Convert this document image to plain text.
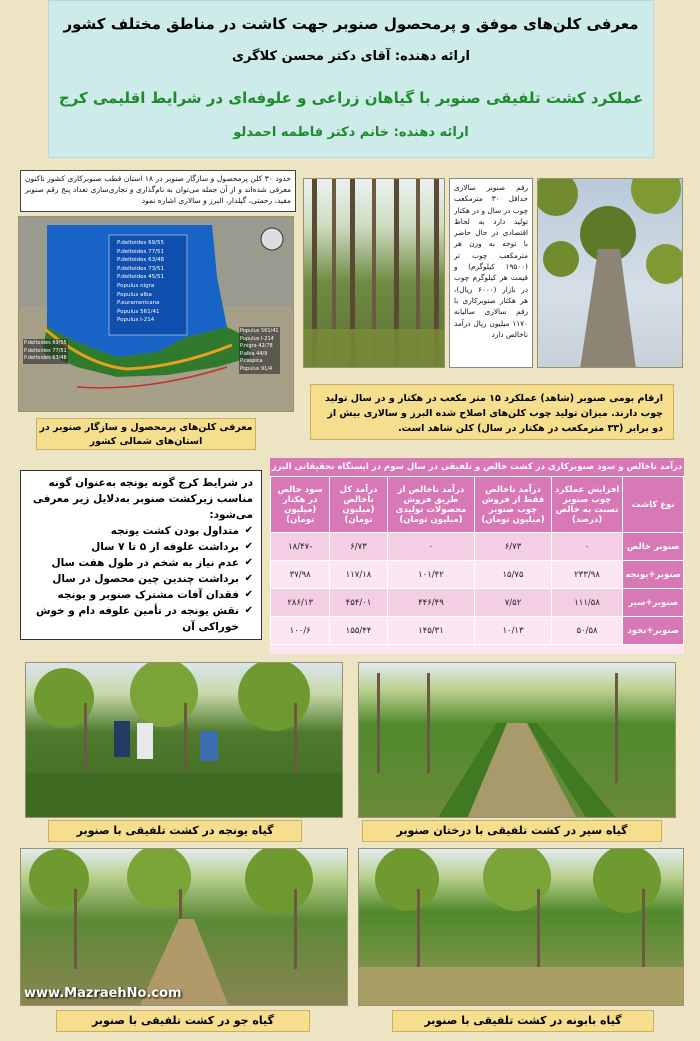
معرفی کلن‌های موفق و پرمحصول صنوبر جهت کاشت در مناطق مختلف کشور
ارائه دهنده: آقای دکتر محسن کلاگری
عملکرد کشت تلفیقی صنوبر با گیاهان زراعی و علوفه‌ای در شرایط اقلیمی کرج
ارائه دهنده: خانم دکتر فاطمه احمدلو
حدود ۳۰ کلن پرمحصول و سازگار صنوبر در ۱۸ استان قطب صنوبرکاری کشور تاکنون معرفی شده‌اند و از آن جمله می‌توان به نام‌گذاری و تجاری‌سازی تعداد پنج رقم صنوبر مفید، رحمتی، گیلدار، البرز و سالاری اشاره نمود
P.deltoides 69/55
P.deltoides 77/51
P.deltoides 63/48
P.deltoides 73/51
P.deltoides 45/51
Populus nigra
Populus alba
P.euramericana
Populus 561/41
Populus I-214
P.deltoides 69/55
P.deltoides 77/51
P.deltoides 63/48
Populus 561/41
Populus I-214
P.nigra 42/78
P.alba 44/9
P.caspica
Populus 91/4
معرفی کلن‌های پرمحصول و سازگار صنوبر در استان‌های شمالی کشور
رقم صنوبر سالاری حداقل ۳۰ مترمکعب چوب در سال و در هکتار تولید دارد به لحاظ اقتصادی در حال حاضر با توجه به وزن هر مترمکعب چوب تر (۱۹۵۰۰ کیلوگرم) و قیمت هر کیلوگرم چوب در بازار (۶۰۰۰ ریال)، هر هکتار صنوبرکاری با رقم سالاری سالیانه ۱۱۷۰ میلیون ریال درآمد ناخالص دارد
ارقام بومی صنوبر (شاهد) عملکرد ۱۵ متر مکعب در هکتار و در سال تولید چوب دارند. میزان تولید چوب کلن‌های اصلاح شده البرز و سالاری بیش از دو برابر (۳۳ مترمکعب در هکتار در سال) کلن شاهد است.
در شرایط کرج گونه یونجه به‌عنوان گونه مناسب زیرکشت صنوبر به‌دلایل زیر معرفی می‌شود:
✔
متداول بودن کشت یونجه
✔
برداشت علوفه از ۵ تا ۷ سال
✔
عدم نیاز به شخم در طول هفت سال
✔
برداشت چندین چین محصول در سال
✔
فقدان آفات مشترک صنوبر و یونجه
✔
نقش یونجه در تأمین علوفه دام و خوش خوراکی آن
درآمد ناخالص و سود صنوبرکاری در کشت خالص و تلفیقی در سال سوم در ایستگاه تحقیقاتی البرز
نوع کاشت	افزایش عملکرد چوب صنوبر نسبت به خالص (درصد)	درآمد ناخالص فقط از فروش چوب صنوبر (میلیون تومان)	درآمد ناخالص از طریق فروش محصولات تولیدی (میلیون تومان)	درآمد کل ناخالص (میلیون تومان)	سود خالص در هکتار (میلیون تومان)
صنوبر خالص	۰	۶/۷۳	۰	۶/۷۳	-۱۸/۴۷
صنوبر+یونجه	۲۳۳/۹۸	۱۵/۷۵	۱۰۱/۴۲	۱۱۷/۱۸	۳۷/۹۸
صنوبر+سیر	۱۱۱/۵۸	۷/۵۲	۴۴۶/۴۹	۴۵۴/۰۱	۲۸۶/۱۳
صنوبر+نخود	۵۰/۵۸	۱۰/۱۳	۱۴۵/۳۱	۱۵۵/۴۴	۱۰۰/۶
گیاه یونجه در کشت تلفیقی با صنوبر	گیاه سیر در کشت تلفیقی با درختان صنوبر
www.MazraehNo.com
گیاه جو در کشت تلفیقی با صنوبر	گیاه بابونه در کشت تلفیقی با صنوبر
